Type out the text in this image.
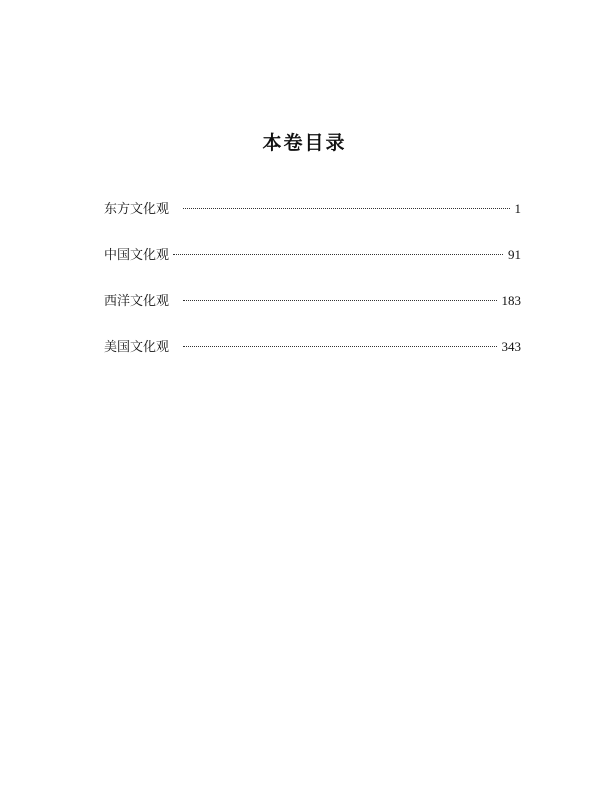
本卷目录
东方文化观	1
中国文化观	91
西洋文化观	183
美国文化观	343
